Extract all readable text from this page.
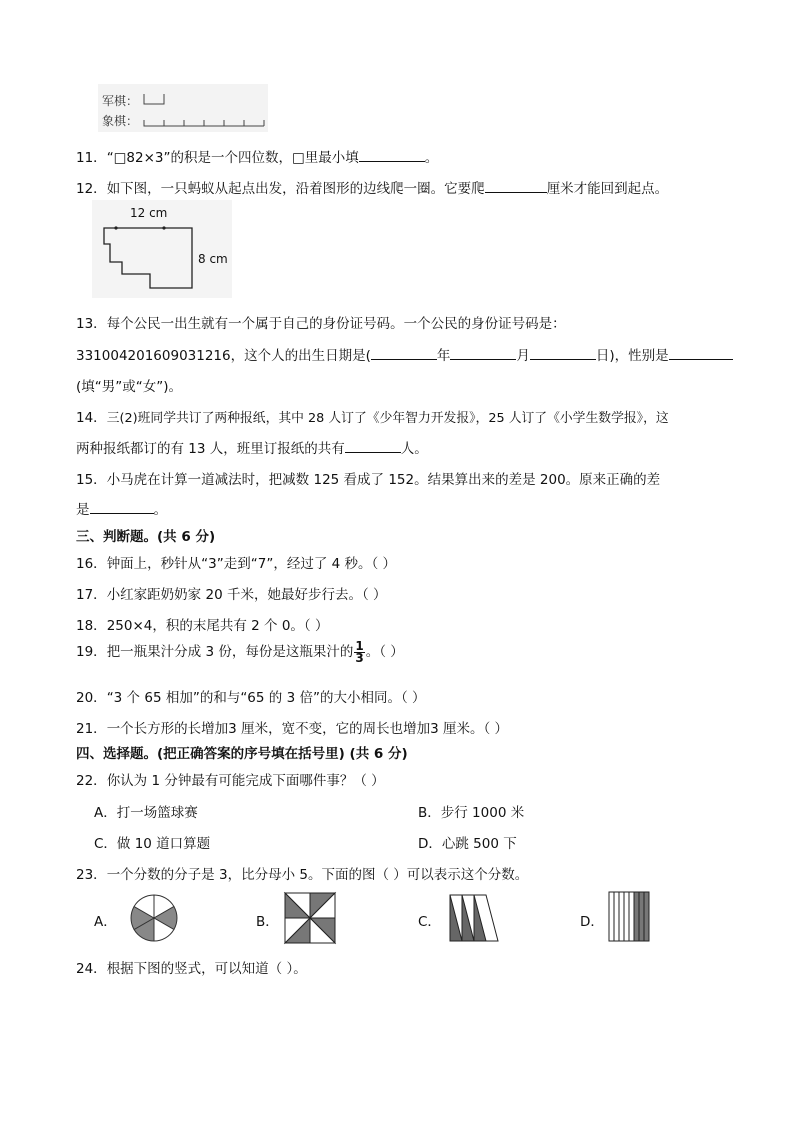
军棋：
象棋：
11．“□82×3”的积是一个四位数，□里最小填	。
12．如下图，一只蚂蚁从起点出发，沿着图形的边线爬一圈。它要爬	厘米才能回到起点。
12 cm
8 cm
13．每个公民一出生就有一个属于自己的身份证号码。一个公民的身份证号码是：
331004201609031216，这个人的出生日期是(	年	月	日)，性别是
(填“男”或“女”)。
14．三(2)班同学共订了两种报纸，其中 28 人订了《少年智力开发报》，25 人订了《小学生数学报》，这
两种报纸都订的有 13 人，班里订报纸的共有	人。
15．小马虎在计算一道减法时，把减数 125 看成了 152。结果算出来的差是 200。原来正确的差
是	。
三、判断题。(共 6 分)
16．钟面上，秒针从“3”走到“7”，经过了 4 秒。（ ）
17．小红家距奶奶家 20 千米，她最好步行去。（ ）
18．250×4，积的末尾共有 2 个 0。（ ）
19．把一瓶果汁分成 3 份，每份是这瓶果汁的 $\frac{1}{3}$ 。（ ）
20．“3 个 65 相加”的和与“65 的 3 倍”的大小相同。（ ）
21．一个长方形的长增加3 厘米，宽不变，它的周长也增加3 厘米。（ ）
四、选择题。(把正确答案的序号填在括号里) (共 6 分)
22．你认为 1 分钟最有可能完成下面哪件事？（ ）
A．打一场篮球赛	B．步行 1000 米
C．做 10 道口算题	D．心跳 500 下
23．一个分数的分子是 3，比分母小 5。下面的图（ ）可以表示这个分数。
A．	B．	C．	D．
24．根据下图的竖式，可以知道（ ）。
